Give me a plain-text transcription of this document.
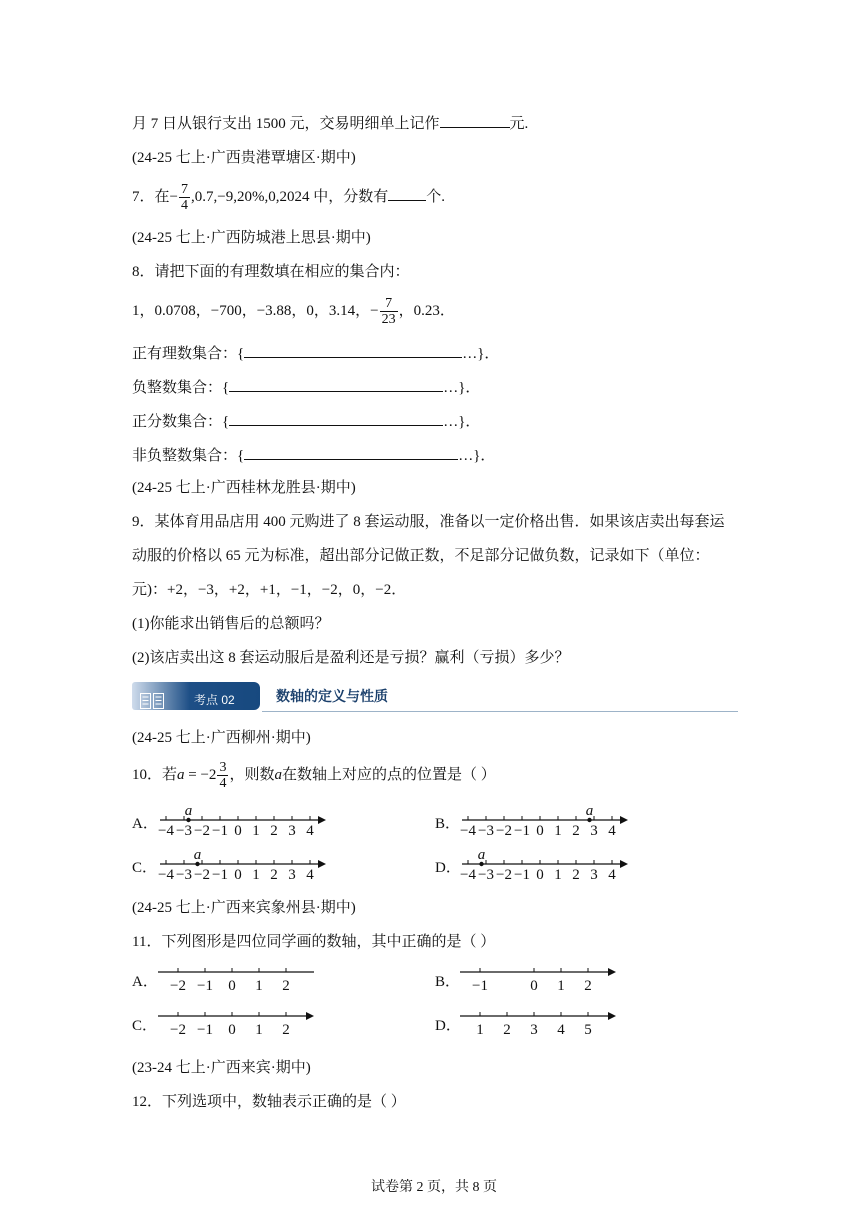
月 7 日从银行支出 1500 元，交易明细单上记作	元.
(24-25 七上·广西贵港覃塘区·期中)
7．在− $\frac{7}{4} ,0.7,-9,20\%,0,2024$ 中，分数有	个.
(24-25 七上·广西防城港上思县·期中)
8．请把下面的有理数填在相应的集合内：
1，0.0708，−700，−3.88，0，3.14，− $\frac{7}{23}$ ，0.23．
正有理数集合：{	…}．
负整数集合：{	…}．
正分数集合：{	…}．
非负整数集合：{	…}．
(24-25 七上·广西桂林龙胜县·期中)
9．某体育用品店用 400 元购进了 8 套运动服，准备以一定价格出售．如果该店卖出每套运
动服的价格以 65 元为标准，超出部分记做正数，不足部分记做负数，记录如下（单位：
元)：+2，−3，+2，+1，−1，−2，0，−2．
(1)你能求出销售后的总额吗？
(2)该店卖出这 8 套运动服后是盈利还是亏损？赢利（亏损）多少？
考点 02	数轴的定义与性质
(24-25 七上·广西柳州·期中)
10．若$a = -2 \frac{3}{4}$ ，则数a在数轴上对应的点的位置是（ ）
A． −4 −3 −2 −1 0 1 2 3 4
a
B． −4 −3 −2 −1 0 1 2 3 4
a
C． −4 −3 −2 −1 0 1 2 3 4
a
D． −4 −3 −2 −1 0 1 2 3 4
a
(24-25 七上·广西来宾象州县·期中)
11．下列图形是四位同学画的数轴，其中正确的是（ ）
A． −2 −1 0 1 2	B． −1	0 1 2
C． −2 −1 0 1 2	D． 1 2 3 4 5
(23-24 七上·广西来宾·期中)
12．下列选项中，数轴表示正确的是（ ）
试卷第 2 页，共 8 页
